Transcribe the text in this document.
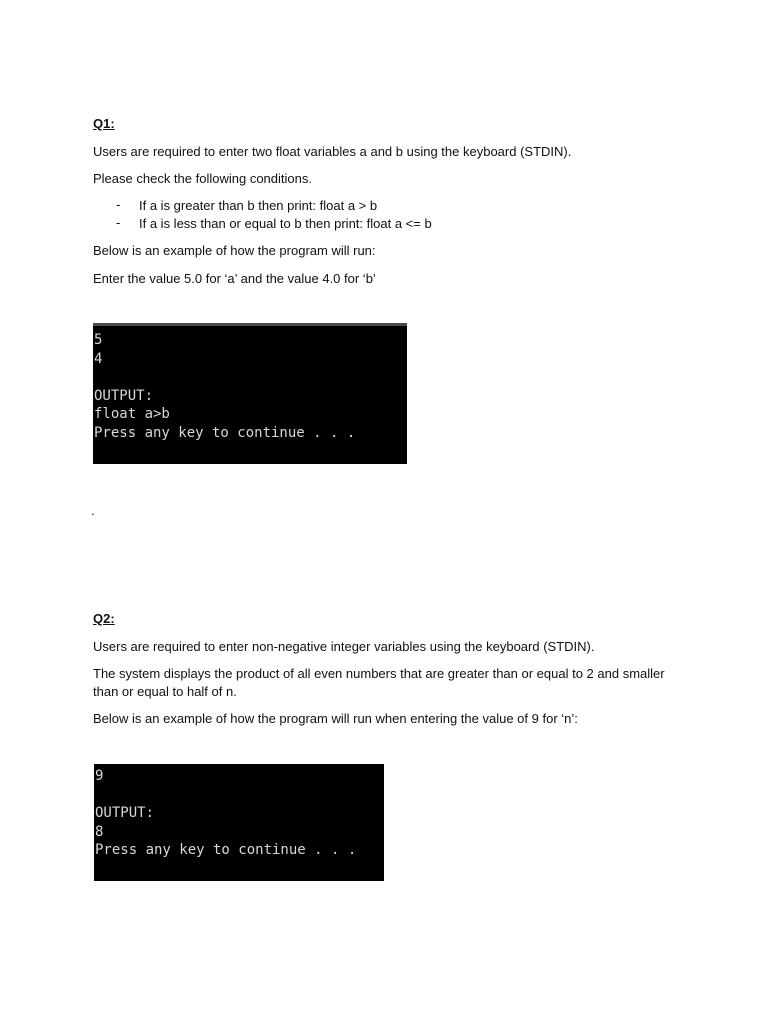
Q1:
Users are required to enter two float variables a and b using the keyboard (STDIN).
Please check the following conditions.
- If a is greater than b then print: float a > b
- If a is less than or equal to b then print: float a <= b
Below is an example of how the program will run:
Enter the value 5.0 for ‘a’ and the value 4.0 for ‘b’
5
4
OUTPUT:
float a>b
Press any key to continue . . .
.
Q2:
Users are required to enter non-negative integer variables using the keyboard (STDIN).
The system displays the product of all even numbers that are greater than or equal to 2 and smaller than or equal to half of n.
Below is an example of how the program will run when entering the value of 9 for ‘n’:
9
OUTPUT:
8
Press any key to continue . . .
